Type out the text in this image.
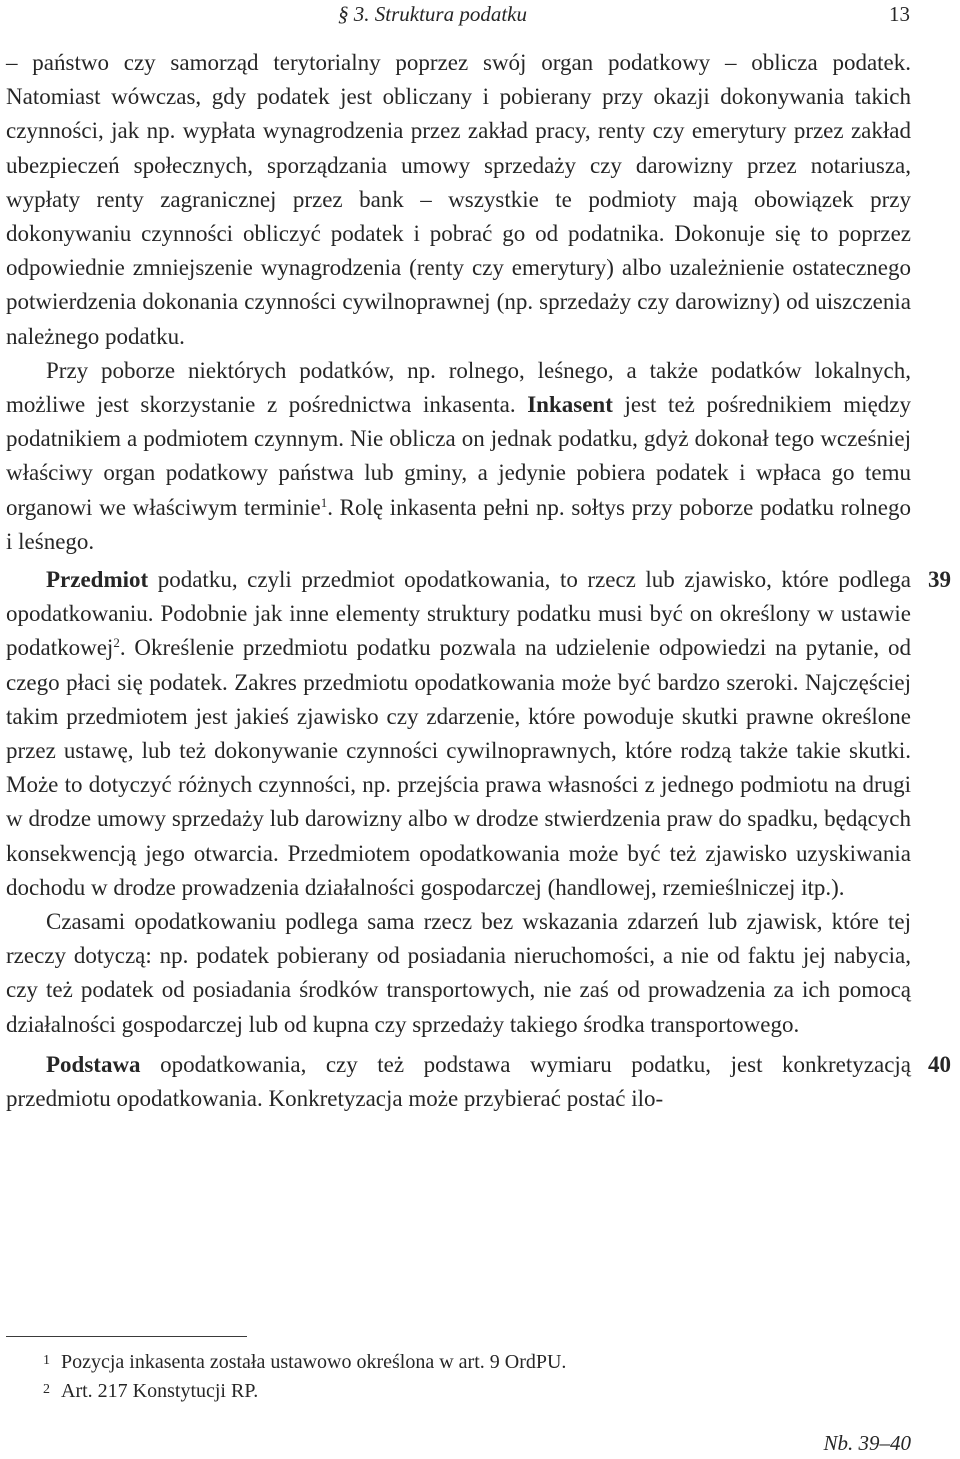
§ 3. Struktura podatku	13

– państwo czy samorząd terytorialny poprzez swój organ podatkowy – oblicza podatek. Natomiast wówczas, gdy podatek jest obliczany i pobierany przy okazji dokonywania takich czynności, jak np. wypłata wynagrodzenia przez zakład pracy, renty czy emerytury przez zakład ubezpieczeń społecznych, sporządzania umowy sprzedaży czy darowizny przez notariusza, wypłaty renty zagranicznej przez bank – wszystkie te podmioty mają obowiązek przy dokonywaniu czynności obliczyć podatek i pobrać go od podatnika. Dokonuje się to poprzez odpowiednie zmniejszenie wynagrodzenia (renty czy emerytury) albo uzależnienie ostatecznego potwierdzenia dokonania czynności cywilnoprawnej (np. sprzedaży czy darowizny) od uiszczenia należnego podatku.

Przy poborze niektórych podatków, np. rolnego, leśnego, a także podatków lokalnych, możliwe jest skorzystanie z pośrednictwa inkasenta. Inkasent jest też pośrednikiem między podatnikiem a podmiotem czynnym. Nie oblicza on jednak podatku, gdyż dokonał tego wcześniej właściwy organ podatkowy państwa lub gminy, a jedynie pobiera podatek i wpłaca go temu organowi we właściwym terminie$^1$. Rolę inkasenta pełni np. sołtys przy poborze podatku rolnego i leśnego.

39
Przedmiot podatku, czyli przedmiot opodatkowania, to rzecz lub zjawisko, które podlega opodatkowaniu. Podobnie jak inne elementy struktury podatku musi być on określony w ustawie podatkowej$^2$. Określenie przedmiotu podatku pozwala na udzielenie odpowiedzi na pytanie, od czego płaci się podatek. Zakres przedmiotu opodatkowania może być bardzo szeroki. Najczęściej takim przedmiotem jest jakieś zjawisko czy zdarzenie, które powoduje skutki prawne określone przez ustawę, lub też dokonywanie czynności cywilnoprawnych, które rodzą także takie skutki. Może to dotyczyć różnych czynności, np. przejścia prawa własności z jednego podmiotu na drugi w drodze umowy sprzedaży lub darowizny albo w drodze stwierdzenia praw do spadku, będących konsekwencją jego otwarcia. Przedmiotem opodatkowania może być też zjawisko uzyskiwania dochodu w drodze prowadzenia działalności gospodarczej (handlowej, rzemieślniczej itp.).

Czasami opodatkowaniu podlega sama rzecz bez wskazania zdarzeń lub zjawisk, które tej rzeczy dotyczą: np. podatek pobierany od posiadania nieruchomości, a nie od faktu jej nabycia, czy też podatek od posiadania środków transportowych, nie zaś od prowadzenia za ich pomocą działalności gospodarczej lub od kupna czy sprzedaży takiego środka transportowego.

40
Podstawa opodatkowania, czy też podstawa wymiaru podatku, jest konkretyzacją przedmiotu opodatkowania. Konkretyzacja może przybierać postać ilo-

1 Pozycja inkasenta została ustawowo określona w art. 9 OrdPU.
2 Art. 217 Konstytucji RP.
Nb. 39–40
